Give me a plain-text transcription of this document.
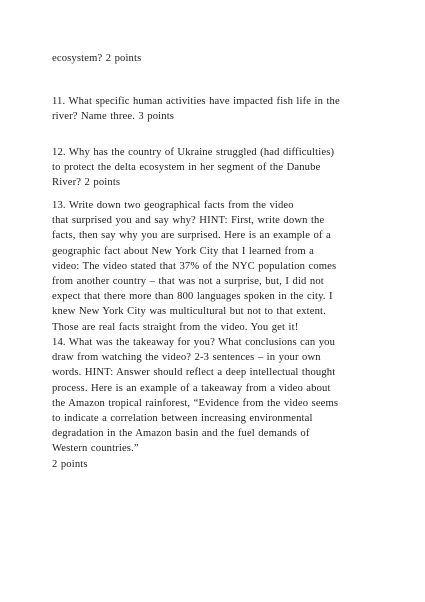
ecosystem? 2 points
11. What specific human activities have impacted fish life in the
river? Name three. 3 points
12. Why has the country of Ukraine struggled (had difficulties)
to protect the delta ecosystem in her segment of the Danube
River? 2 points
13. Write down two geographical facts from the video
that surprised you and say why? HINT: First, write down the
facts, then say why you are surprised. Here is an example of a
geographic fact about New York City that I learned from a
video: The video stated that 37% of the NYC population comes
from another country – that was not a surprise, but, I did not
expect that there more than 800 languages spoken in the city. I
knew New York City was multicultural but not to that extent.
Those are real facts straight from the video. You get it!
14. What was the takeaway for you? What conclusions can you
draw from watching the video? 2-3 sentences – in your own
words. HINT: Answer should reflect a deep intellectual thought
process. Here is an example of a takeaway from a video about
the Amazon tropical rainforest, “Evidence from the video seems
to indicate a correlation between increasing environmental
degradation in the Amazon basin and the fuel demands of
Western countries.”
2 points
